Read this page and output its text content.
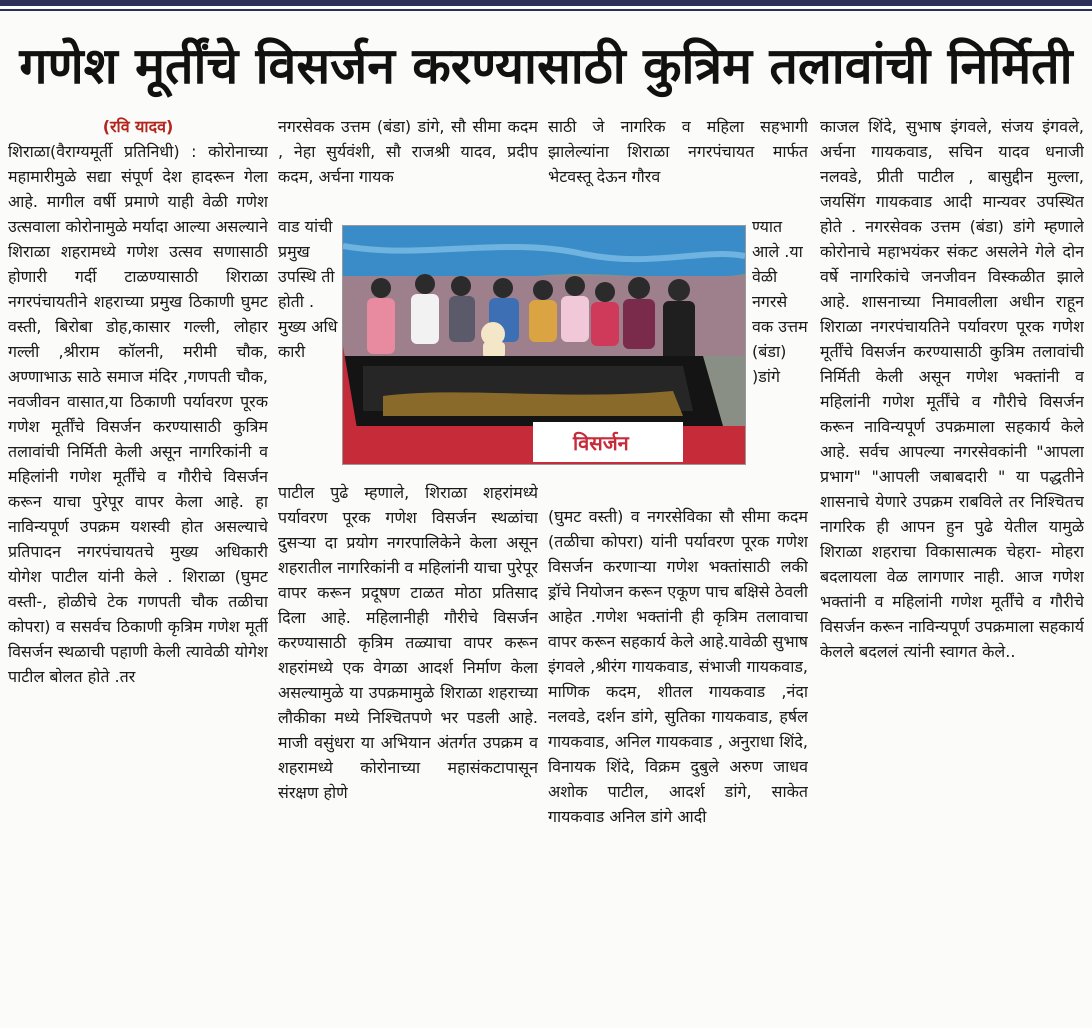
गणेश मूर्तींचे विसर्जन करण्यासाठी कुत्रिम तलावांची निर्मिती
(रवि यादव)
शिराळा(वैराग्यमूर्ती प्रतिनिधी) : कोरोनाच्या महामारीमुळे सद्या संपूर्ण देश हादरून गेला आहे. मागील वर्षी प्रमाणे याही वेळी गणेश उत्सवाला कोरोनामुळे मर्यादा आल्या असल्याने शिराळा शहरामध्ये गणेश उत्सव सणासाठी होणारी गर्दी टाळण्यासाठी शिराळा नगरपंचायतीने शहराच्या प्रमुख ठिकाणी घुमट वस्ती, बिरोबा डोह,कासार गल्ली, लोहार गल्ली ,श्रीराम कॉलनी, मरीमी चौक, अण्णाभाऊ साठे समाज मंदिर ,गणपती चौक, नवजीवन वासात,या ठिकाणी पर्यावरण पूरक गणेश मूर्तींचे विसर्जन करण्यासाठी कुत्रिम तलावांची निर्मिती केली असून नागरिकांनी व महिलांनी गणेश मूर्तींचे व गौरीचे विसर्जन करून याचा पुरेपूर वापर केला आहे. हा नाविन्यपूर्ण उपक्रम यशस्वी होत असल्याचे प्रतिपादन नगरपंचायतचे मुख्य अधिकारी योगेश पाटील यांनी केले . शिराळा (घुमट वस्ती-, होळीचे टेक गणपती चौक तळीचा कोपरा) व ससर्वच ठिकाणी कृत्रिम गणेश मूर्ती विसर्जन स्थळाची पहाणी केली त्यावेळी योगेश पाटील बोलत होते .तर
नगरसेवक उत्तम (बंडा) डांगे, सौ सीमा कदम , नेहा सुर्यवंशी, सौ राजश्री यादव, प्रदीप कदम, अर्चना गायक
वाड यांची प्रमुख उपस्थि ती होती . मुख्य अधि कारी
पाटील पुढे म्हणाले, शिराळा शहरांमध्ये पर्यावरण पूरक गणेश विसर्जन स्थळांचा दुसऱ्या दा प्रयोग नगरपालिकेने केला असून शहरातील नागरिकांनी व महिलांनी याचा पुरेपूर वापर करून प्रदूषण टाळत मोठा प्रतिसाद दिला आहे. महिलानीही गौरीचे विसर्जन करण्यासाठी कृत्रिम तळ्याचा वापर करून शहरांमध्ये एक वेगळा आदर्श निर्माण केला असल्यामुळे या उपक्रमामुळे शिराळा शहराच्या लौकीका मध्ये निश्चितपणे भर पडली आहे. माजी वसुंधरा या अभियान अंतर्गत उपक्रम व शहरामध्ये कोरोनाच्या महासंकटापासून संरक्षण होणे
साठी जे नागरिक व महिला सहभागी झालेल्यांना शिराळा नगरपंचायत मार्फत भेटवस्तू देऊन गौरव
ण्यात आले .या वेळी नगरसे वक उत्तम (बंडा) )डांगे
(घुमट वस्ती) व नगरसेविका सौ सीमा कदम (तळीचा कोपरा) यांनी पर्यावरण पूरक गणेश विसर्जन करणाऱ्या गणेश भक्तांसाठी लकी ड्रॉचे नियोजन करून एकूण पाच बक्षिसे ठेवली आहेत .गणेश भक्तांनी ही कृत्रिम तलावाचा वापर करून सहकार्य केले आहे.यावेळी सुभाष इंगवले ,श्रीरंग गायकवाड, संभाजी गायकवाड, माणिक कदम, शीतल गायकवाड ,नंदा नलवडे, दर्शन डांगे, सुतिका गायकवाड, हर्षल गायकवाड, अनिल गायकवाड , अनुराधा शिंदे, विनायक शिंदे, विक्रम दुबुले अरुण जाधव अशोक पाटील, आदर्श डांगे, साकेत गायकवाड अनिल डांगे आदी
काजल शिंदे, सुभाष इंगवले, संजय इंगवले, अर्चना गायकवाड, सचिन यादव धनाजी नलवडे, प्रीती पाटील , बासुद्दीन मुल्ला, जयसिंग गायकवाड आदी मान्यवर उपस्थित होते . नगरसेवक उत्तम (बंडा) डांगे म्हणाले कोरोनाचे महाभयंकर संकट असलेने गेले दोन वर्षे नागरिकांचे जनजीवन विस्कळीत झाले आहे. शासनाच्या निमावलीला अधीन राहून शिराळा नगरपंचायतिने पर्यावरण पूरक गणेश मूर्तींचे विसर्जन करण्यासाठी कुत्रिम तलावांची निर्मिती केली असून गणेश भक्तांनी व महिलांनी गणेश मूर्तींचे व गौरीचे विसर्जन करून नाविन्यपूर्ण उपक्रमाला सहकार्य केले आहे. सर्वच आपल्या नगरसेवकांनी "आपला प्रभाग" "आपली जबाबदारी " या पद्धतीने शासनाचे येणारे उपक्रम राबविले तर निश्चितच नागरिक ही आपन हुन पुढे येतील यामुळे शिराळा शहराचा विकासात्मक चेहरा- मोहरा बदलायला वेळ लागणार नाही. आज गणेश भक्तांनी व महिलांनी गणेश मूर्तींचे व गौरीचे विसर्जन करून नाविन्यपूर्ण उपक्रमाला सहकार्य केलले बदललं त्यांनी स्वागत केले..
विसर्जन
